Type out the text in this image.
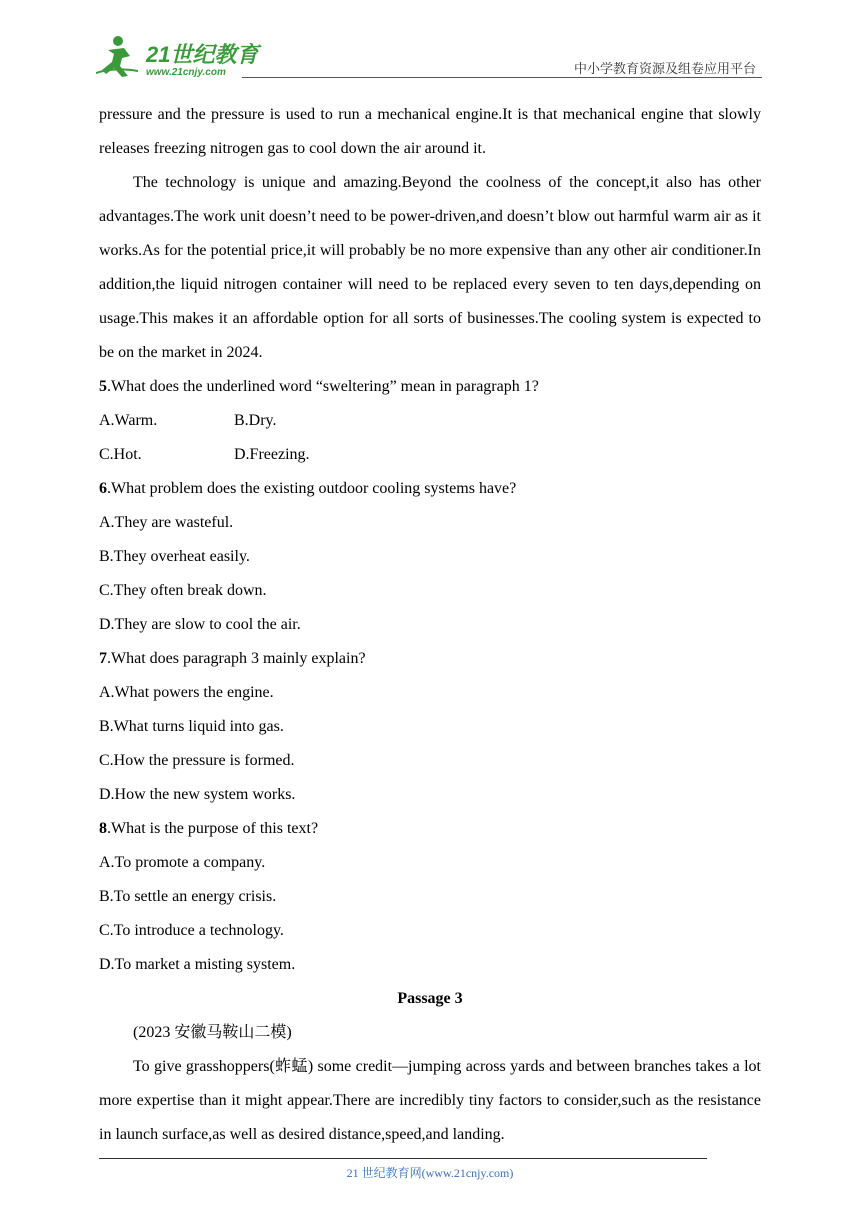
21世纪教育
www.21cnjy.com	中小学教育资源及组卷应用平台

pressure and the pressure is used to run a mechanical engine.It is that mechanical engine that slowly releases freezing nitrogen gas to cool down the air around it.

The technology is unique and amazing.Beyond the coolness of the concept,it also has other advantages.The work unit doesn’t need to be power-driven,and doesn’t blow out harmful warm air as it works.As for the potential price,it will probably be no more expensive than any other air conditioner.In addition,the liquid nitrogen container will need to be replaced every seven to ten days,depending on usage.This makes it an affordable option for all sorts of businesses.The cooling system is expected to be on the market in 2024.

5.What does the underlined word “sweltering” mean in paragraph 1?

A.Warm.	B.Dry.

C.Hot.	D.Freezing.

6.What problem does the existing outdoor cooling systems have?

A.They are wasteful.

B.They overheat easily.

C.They often break down.

D.They are slow to cool the air.

7.What does paragraph 3 mainly explain?

A.What powers the engine.

B.What turns liquid into gas.

C.How the pressure is formed.

D.How the new system works.

8.What is the purpose of this text?

A.To promote a company.

B.To settle an energy crisis.

C.To introduce a technology.

D.To market a misting system.

Passage 3

(2023 安徽马鞍山二模)

To give grasshoppers(蚱蜢) some credit—jumping across yards and between branches takes a lot more expertise than it might appear.There are incredibly tiny factors to consider,such as the resistance in launch surface,as well as desired distance,speed,and landing.

21 世纪教育网(www.21cnjy.com)
